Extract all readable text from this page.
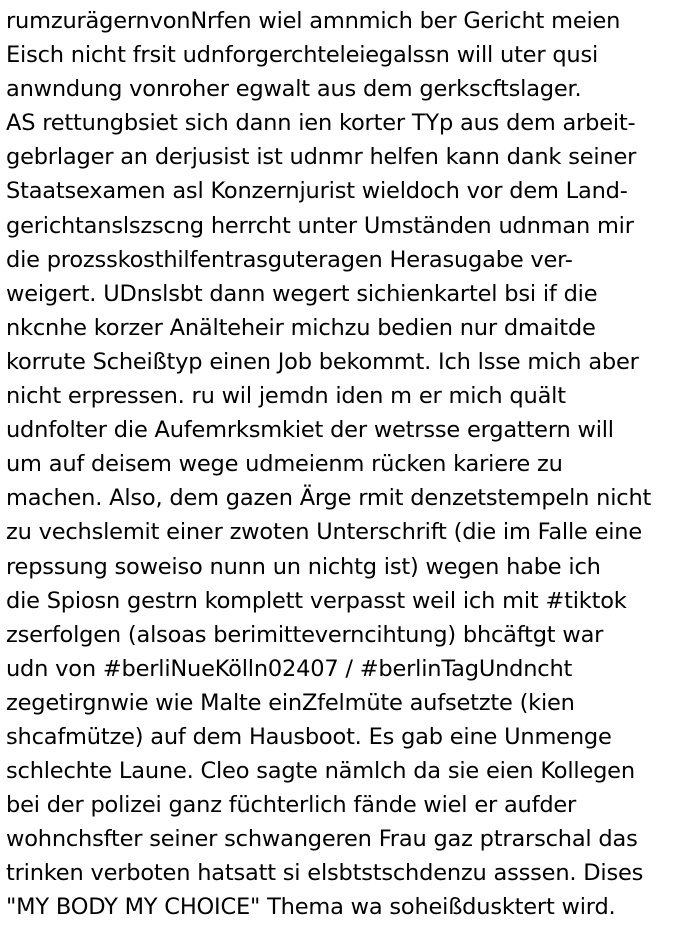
rumzurägernvonNrfen wiel amnmich ber Gericht meien
Eisch nicht frsit udnforgerchteleiegalssn will uter qusi
anwndung vonroher egwalt aus dem gerkscftslager.
AS rettungbsiet sich dann ien korter TYp aus dem arbeit-
gebrlager an derjusist ist udnmr helfen kann dank seiner
Staatsexamen asl Konzernjurist wieldoch vor dem Land-
gerichtanslszscng herrcht unter Umständen udnman mir
die prozsskosthilfentrasguteragen Herasugabe ver-
weigert. UDnslsbt dann wegert sichienkartel bsi if die
nkcnhe korzer Anälteheir michzu bedien nur dmaitde
korrute Scheißtyp einen Job bekommt. Ich lsse mich aber
nicht erpressen. ru wil jemdn iden m er mich quält
udnfolter die Aufemrksmkiet der wetrsse ergattern will
um auf deisem wege udmeienm rücken kariere zu
machen. Also, dem gazen Ärge rmit denzetstempeln nicht
zu vechslemit einer zwoten Unterschrift (die im Falle eine
repssung soweiso nunn un nichtg ist) wegen habe ich
die Spiosn gestrn komplett verpasst weil ich mit #tiktok
zserfolgen (alsoas berimitteverncihtung) bhcäftgt war
udn von #berliNueKölln02407 / #berlinTagUndncht
zegetirgnwie wie Malte einZfelmüte aufsetzte (kien
shcafmütze) auf dem Hausboot. Es gab eine Unmenge
schlechte Laune. Cleo sagte nämlch da sie eien Kollegen
bei der polizei ganz füchterlich fände wiel er aufder
wohnchsfter seiner schwangeren Frau gaz ptrarschal das
trinken verboten hatsatt si elsbtstschdenzu asssen. Dises
"MY BODY MY CHOICE" Thema wa soheißdusktert wird.
